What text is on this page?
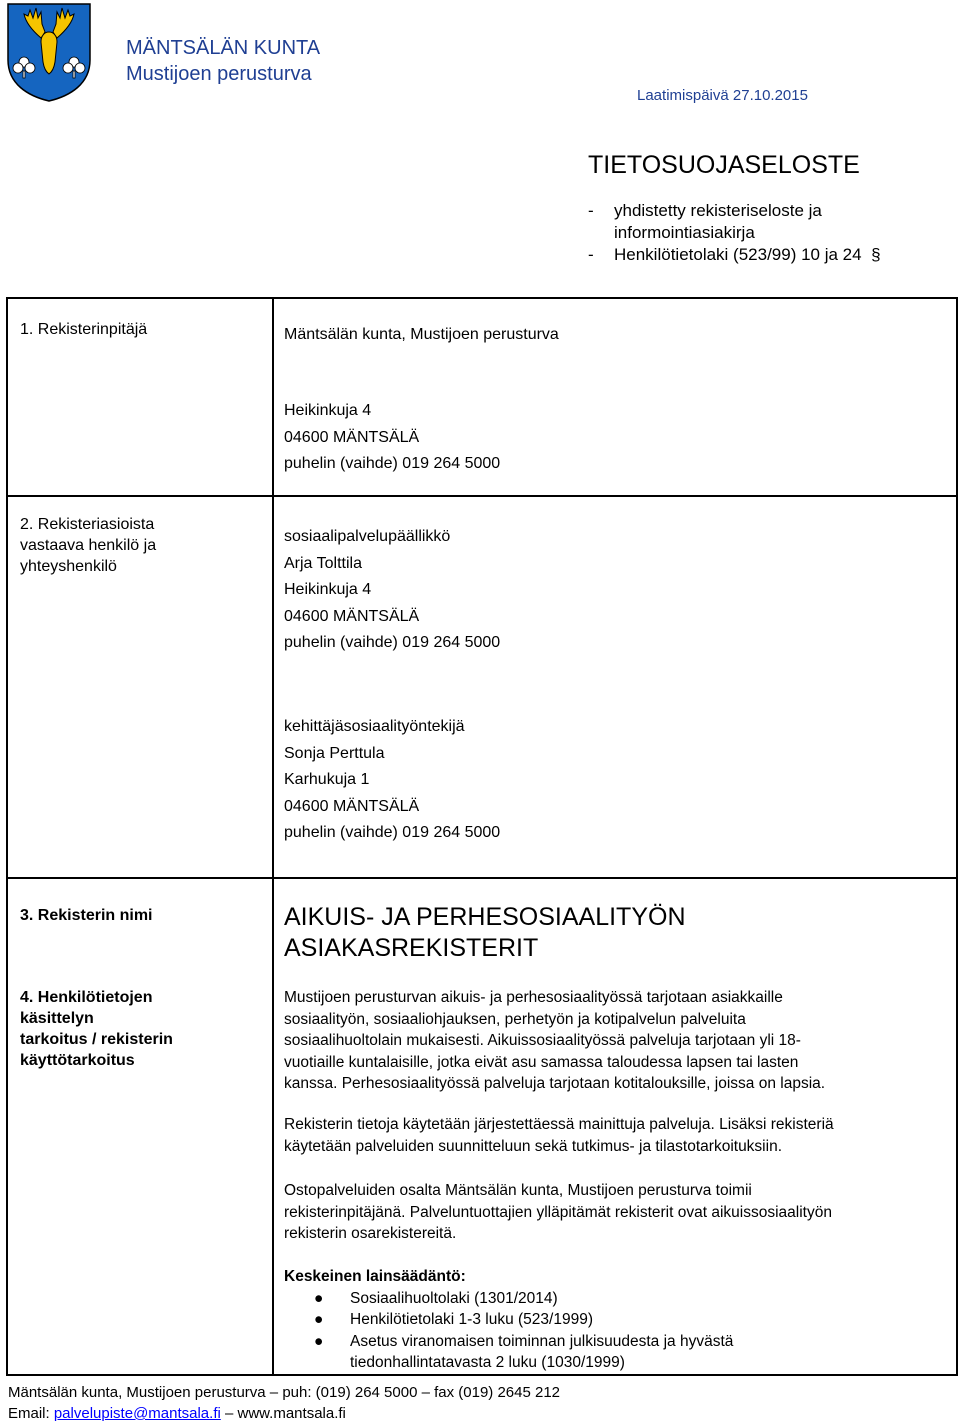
MÄNTSÄLÄN KUNTA
Mustijoen perusturva
Laatimispäivä 27.10.2015
TIETOSUOJASELOSTE
- yhdistetty rekisteriseloste ja
informointiasiakirja
- Henkilötietolaki (523/99) 10 ja 24  §
1. Rekisterinpitäjä	Mäntsälän kunta, Mustijoen perusturva
Heikinkuja 4
04600 MÄNTSÄLÄ
puhelin (vaihde) 019 264 5000
2. Rekisteriasioista
vastaava henkilö ja
yhteyshenkilö
sosiaalipalvelupäällikkö
Arja Tolttila
Heikinkuja 4
04600 MÄNTSÄLÄ
puhelin (vaihde) 019 264 5000
kehittäjäsosiaalityöntekijä
Sonja Perttula
Karhukuja 1
04600 MÄNTSÄLÄ
puhelin (vaihde) 019 264 5000
3. Rekisterin nimi	AIKUIS- JA PERHESOSIAALITYÖN
ASIAKASREKISTERIT
4. Henkilötietojen
käsittelyn
tarkoitus / rekisterin
käyttötarkoitus
Mustijoen perusturvan aikuis- ja perhesosiaalityössä tarjotaan asiakkaille
sosiaalityön, sosiaaliohjauksen, perhetyön ja kotipalvelun palveluita
sosiaalihuoltolain mukaisesti. Aikuissosiaalityössä palveluja tarjotaan yli 18-
vuotiaille kuntalaisille, jotka eivät asu samassa taloudessa lapsen tai lasten
kanssa. Perhesosiaalityössä palveluja tarjotaan kotitalouksille, joissa on lapsia.
Rekisterin tietoja käytetään järjestettäessä mainittuja palveluja. Lisäksi rekisteriä
käytetään palveluiden suunnitteluun sekä tutkimus- ja tilastotarkoituksiin.
Ostopalveluiden osalta Mäntsälän kunta, Mustijoen perusturva toimii
rekisterinpitäjänä. Palveluntuottajien ylläpitämät rekisterit ovat aikuissosiaalityön
rekisterin osarekistereitä.
Keskeinen lainsäädäntö:
● Sosiaalihuoltolaki (1301/2014)
● Henkilötietolaki 1-3 luku (523/1999)
● Asetus viranomaisen toiminnan julkisuudesta ja hyvästä
tiedonhallintatavasta 2 luku (1030/1999)
Mäntsälän kunta, Mustijoen perusturva – puh: (019) 264 5000 – fax (019) 2645 212
Email: palvelupiste@mantsala.fi – www.mantsala.fi
